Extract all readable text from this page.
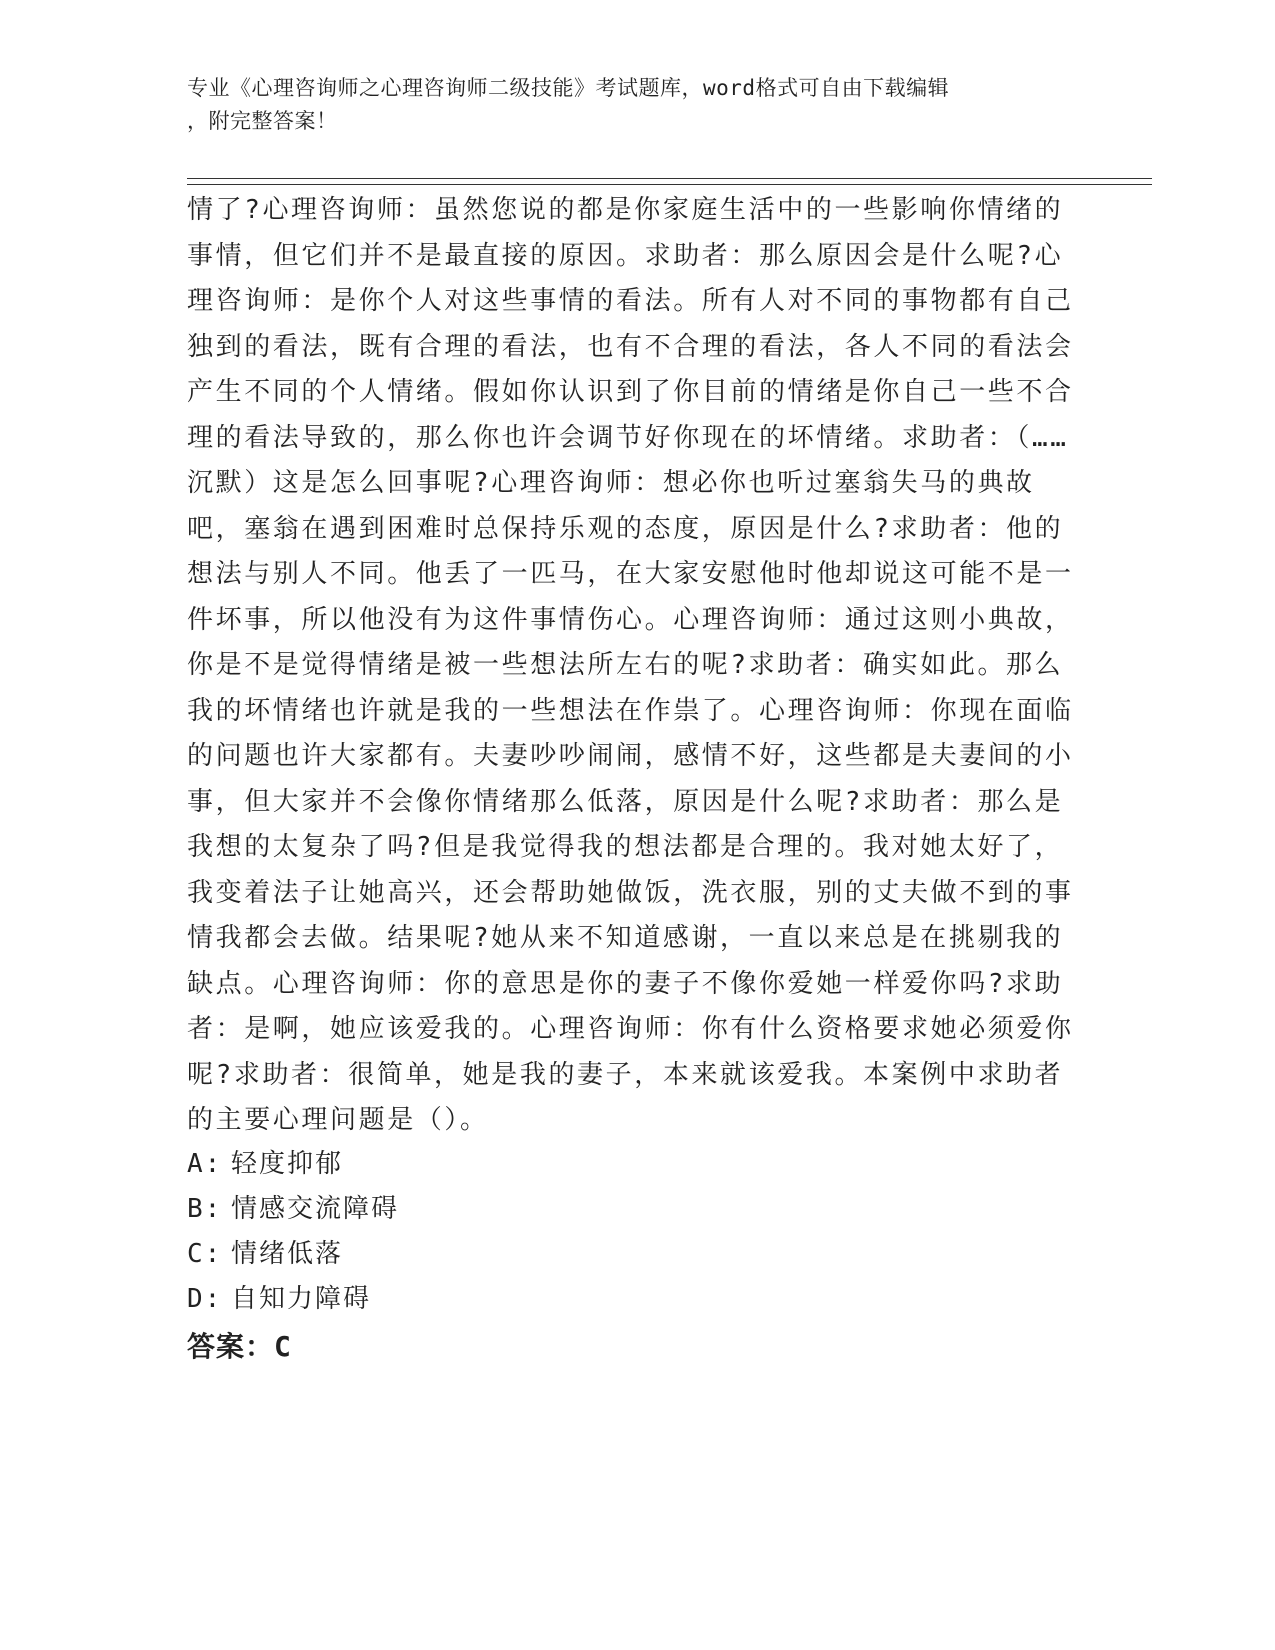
专业《心理咨询师之心理咨询师二级技能》考试题库，word格式可自由下载编辑
，附完整答案！
情了?心理咨询师：虽然您说的都是你家庭生活中的一些影响你情绪的事情，但它们并不是最直接的原因。求助者：那么原因会是什么呢?心理咨询师：是你个人对这些事情的看法。所有人对不同的事物都有自己独到的看法，既有合理的看法，也有不合理的看法，各人不同的看法会产生不同的个人情绪。假如你认识到了你目前的情绪是你自己一些不合理的看法导致的，那么你也许会调节好你现在的坏情绪。求助者：（……沉默）这是怎么回事呢?心理咨询师：想必你也听过塞翁失马的典故吧，塞翁在遇到困难时总保持乐观的态度，原因是什么?求助者：他的想法与别人不同。他丢了一匹马，在大家安慰他时他却说这可能不是一件坏事，所以他没有为这件事情伤心。心理咨询师：通过这则小典故，你是不是觉得情绪是被一些想法所左右的呢?求助者：确实如此。那么我的坏情绪也许就是我的一些想法在作祟了。心理咨询师：你现在面临的问题也许大家都有。夫妻吵吵闹闹，感情不好，这些都是夫妻间的小事，但大家并不会像你情绪那么低落，原因是什么呢?求助者：那么是我想的太复杂了吗?但是我觉得我的想法都是合理的。我对她太好了，我变着法子让她高兴，还会帮助她做饭，洗衣服，别的丈夫做不到的事情我都会去做。结果呢?她从来不知道感谢，一直以来总是在挑剔我的缺点。心理咨询师：你的意思是你的妻子不像你爱她一样爱你吗?求助者：是啊，她应该爱我的。心理咨询师：你有什么资格要求她必须爱你呢?求助者：很简单，她是我的妻子，本来就该爱我。本案例中求助者的主要心理问题是（）。
A: 轻度抑郁
B: 情感交流障碍
C: 情绪低落
D: 自知力障碍
答案：C
